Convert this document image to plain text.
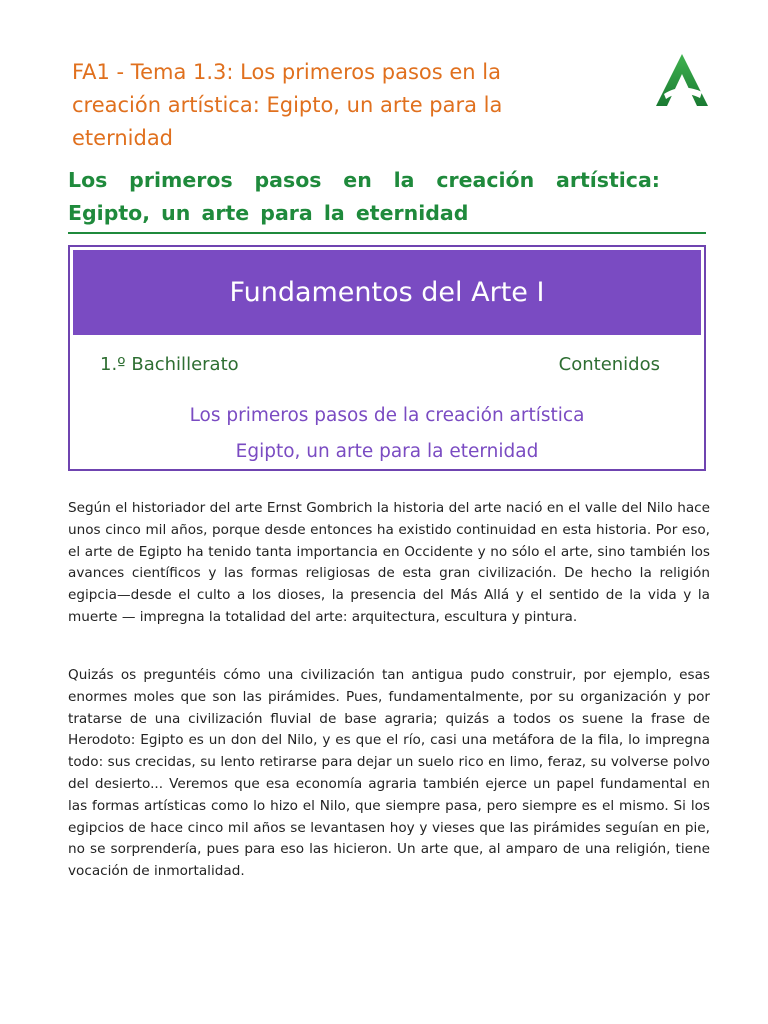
FA1 - Tema 1.3: Los primeros pasos en la creación artística: Egipto, un arte para la eternidad
Los primeros pasos en la creación artística: Egipto, un arte para la eternidad
Fundamentos del Arte I
1.º Bachillerato	Contenidos
Los primeros pasos de la creación artística
Egipto, un arte para la eternidad

Según el historiador del arte Ernst Gombrich la historia del arte nació en el valle del Nilo hace unos cinco mil años, porque desde entonces ha existido continuidad en esta historia. Por eso, el arte de Egipto ha tenido tanta importancia en Occidente y no sólo el arte, sino también los avances científicos y las formas religiosas de esta gran civilización. De hecho la religión egipcia—desde el culto a los dioses, la presencia del Más Allá y el sentido de la vida y la muerte — impregna la totalidad del arte: arquitectura, escultura y pintura.

Quizás os preguntéis cómo una civilización tan antigua pudo construir, por ejemplo, esas enormes moles que son las pirámides. Pues, fundamentalmente, por su organización y por tratarse de una civilización fluvial de base agraria; quizás a todos os suene la frase de Herodoto: Egipto es un don del Nilo, y es que el río, casi una metáfora de la fila, lo impregna todo: sus crecidas, su lento retirarse para dejar un suelo rico en limo, feraz, su volverse polvo del desierto... Veremos que esa economía agraria también ejerce un papel fundamental en las formas artísticas como lo hizo el Nilo, que siempre pasa, pero siempre es el mismo. Si los egipcios de hace cinco mil años se levantasen hoy y vieses que las pirámides seguían en pie, no se sorprendería, pues para eso las hicieron. Un arte que, al amparo de una religión, tiene vocación de inmortalidad.
